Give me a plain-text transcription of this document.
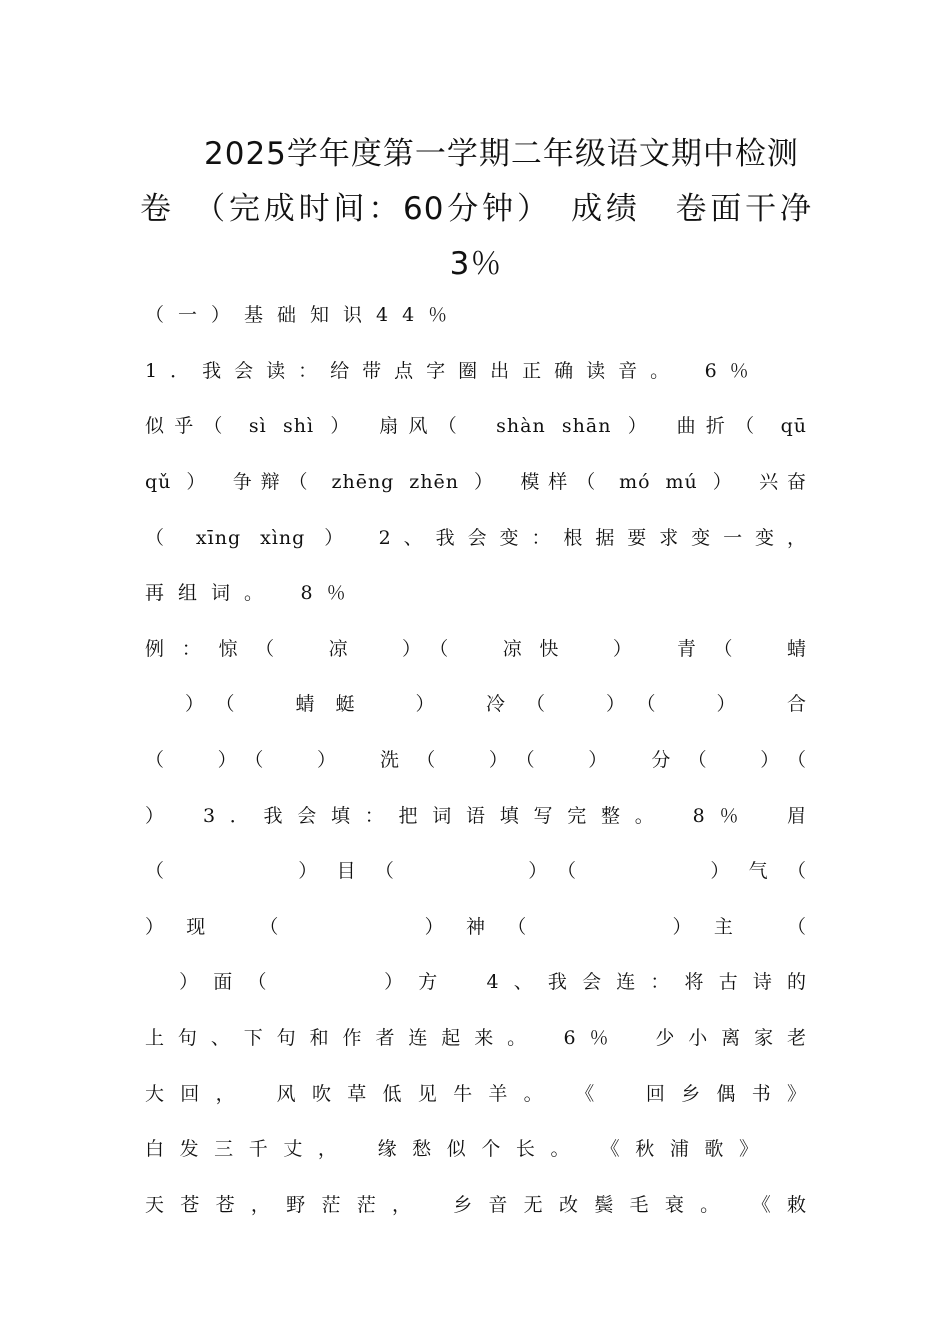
2025学年度第一学期二年级语文期中检测
卷　（完成时间：60分钟）　成绩　卷面干净
3％
（一）基础知识44％
1．我会读：给带点字圈出正确读音。　6％
似乎（ sì shì ）　扇风（　shàn shān ）　曲折（ qū
qǔ ）　争辩（ zhēng zhēn ）　模样（ mó mú ）　兴奋
（ xīng xìng ）　2、我会变：根据要求变一变，
再组词。　8％
例：惊（　凉　）（　凉快　）　青（　蜻
　）（　蜻蜓　）　冷（　）（　）　合
（　）（　）　洗（　）（　）　分（　）（
）　3．我会填：把词语填写完整。　8％　眉
（　　　）目（　　　）（　　　）气（
）现　（　　　）神（　　　）主　（
　）面（　　　）方　4、我会连：将古诗的
上句、下句和作者连起来。　6％　少小离家老
大回，　风吹草低见牛羊。　《　回乡偶书》
白发三千丈，　缘愁似个长。　《秋浦歌》
天苍苍，野茫茫，　乡音无改鬓毛衰。　《敕
